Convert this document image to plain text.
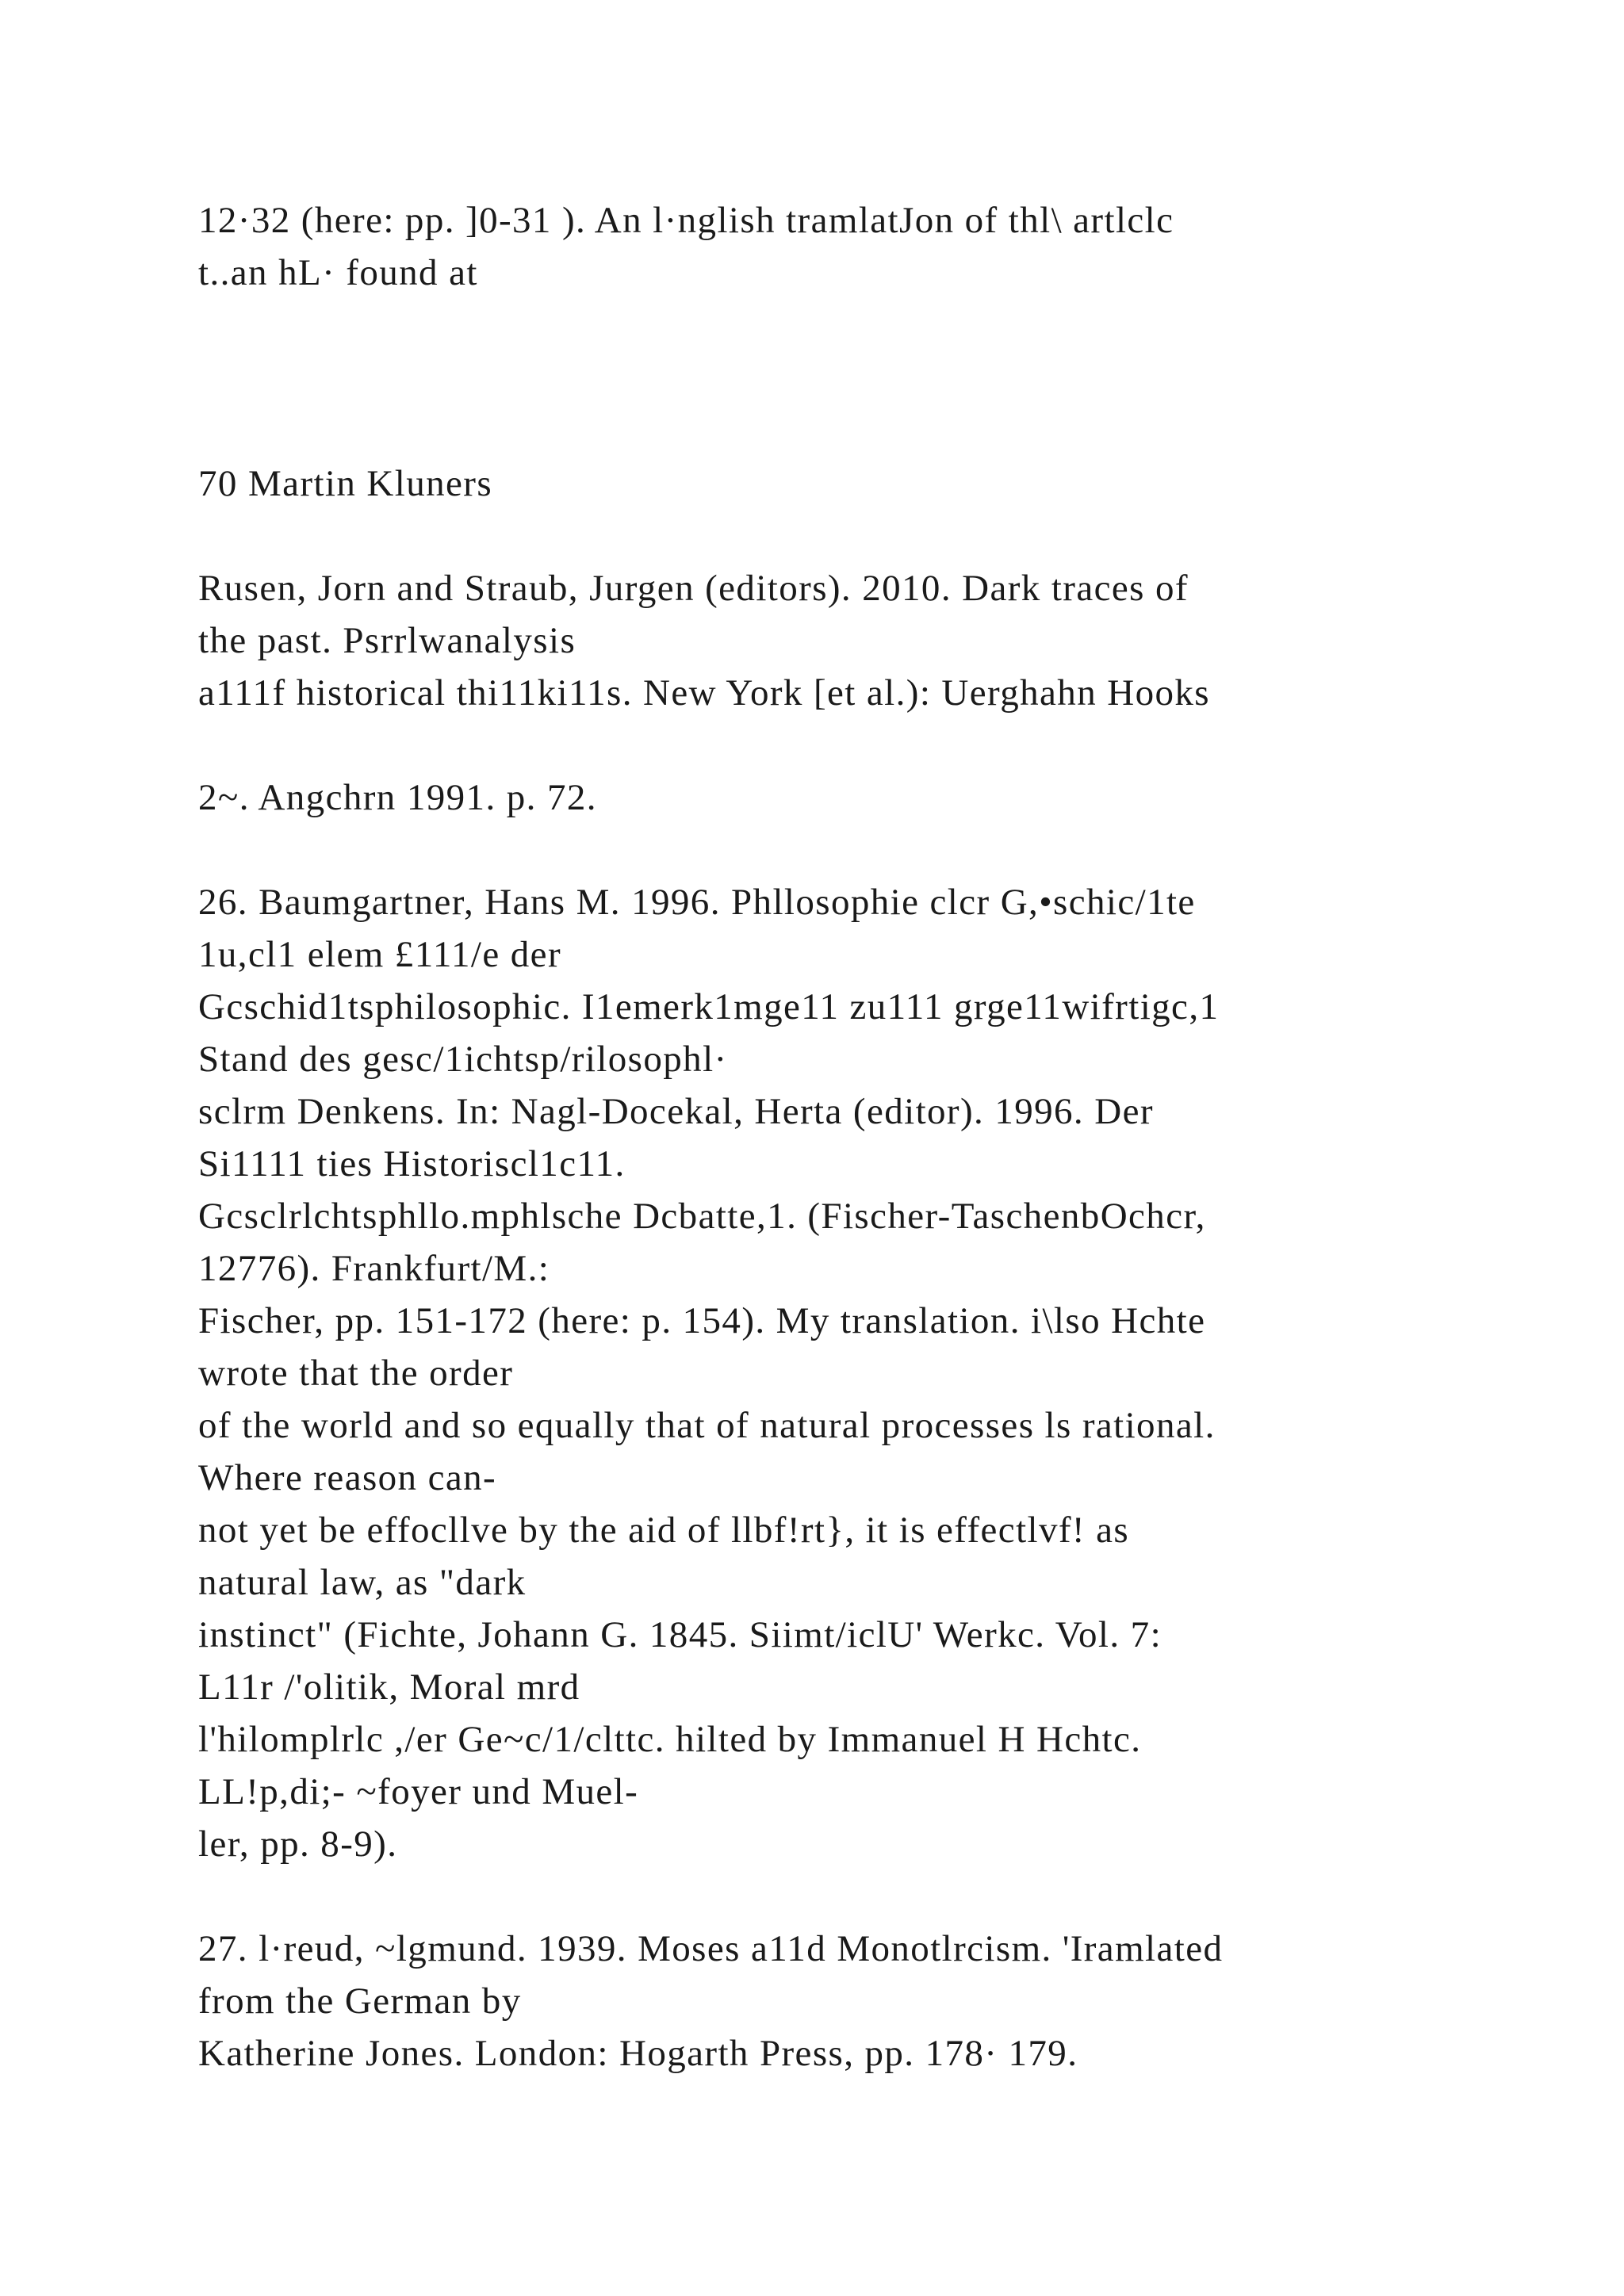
12·32 (here: pp. ]0-31 ). An l·nglish tramlatJon of thl\ artlclc

t..an hL· found at

70 Martin Kluners

Rusen, Jorn and Straub, Jurgen (editors). 2010. Dark traces of

the past. Psrrlwanalysis

a111f historical thi11ki11s. New York [et al.): Uerghahn Hooks

2~. Angchrn 1991. p. 72.

26. Baumgartner, Hans M. 1996. Phllosophie clcr G,•schic/1te

1u,cl1 elem £111/e der

Gcschid1tsphilosophic. I1emerk1mge11 zu111 grge11wifrtigc,1

Stand des gesc/1ichtsp/rilosophl·

sclrm Denkens. In: Nagl-Docekal, Herta (editor). 1996. Der

Si1111 ties Historiscl1c11.

Gcsclrlchtsphllo.mphlsche Dcbatte,1. (Fischer-TaschenbOchcr,

12776). Frankfurt/M.:

Fischer, pp. 151-172 (here: p. 154). My translation. i\lso Hchte

wrote that the order

of the world and so equally that of natural processes ls rational.

Where reason can-

not yet be effocllve by the aid of llbf!rt}, it is effectlvf! as

natural law, as "dark

instinct" (Fichte, Johann G. 1845. Siimt/iclU' Werkc. Vol. 7:

L11r /'olitik, Moral mrd

l'hilomplrlc ,/er Ge~c/1/clttc. hilted by Immanuel H Hchtc.

LL!p,di;- ~foyer und Muel-

ler, pp. 8-9).

27. l·reud, ~lgmund. 1939. Moses a11d Monotlrcism. 'Iramlated

from the German by

Katherine Jones. London: Hogarth Press, pp. 178· 179.
